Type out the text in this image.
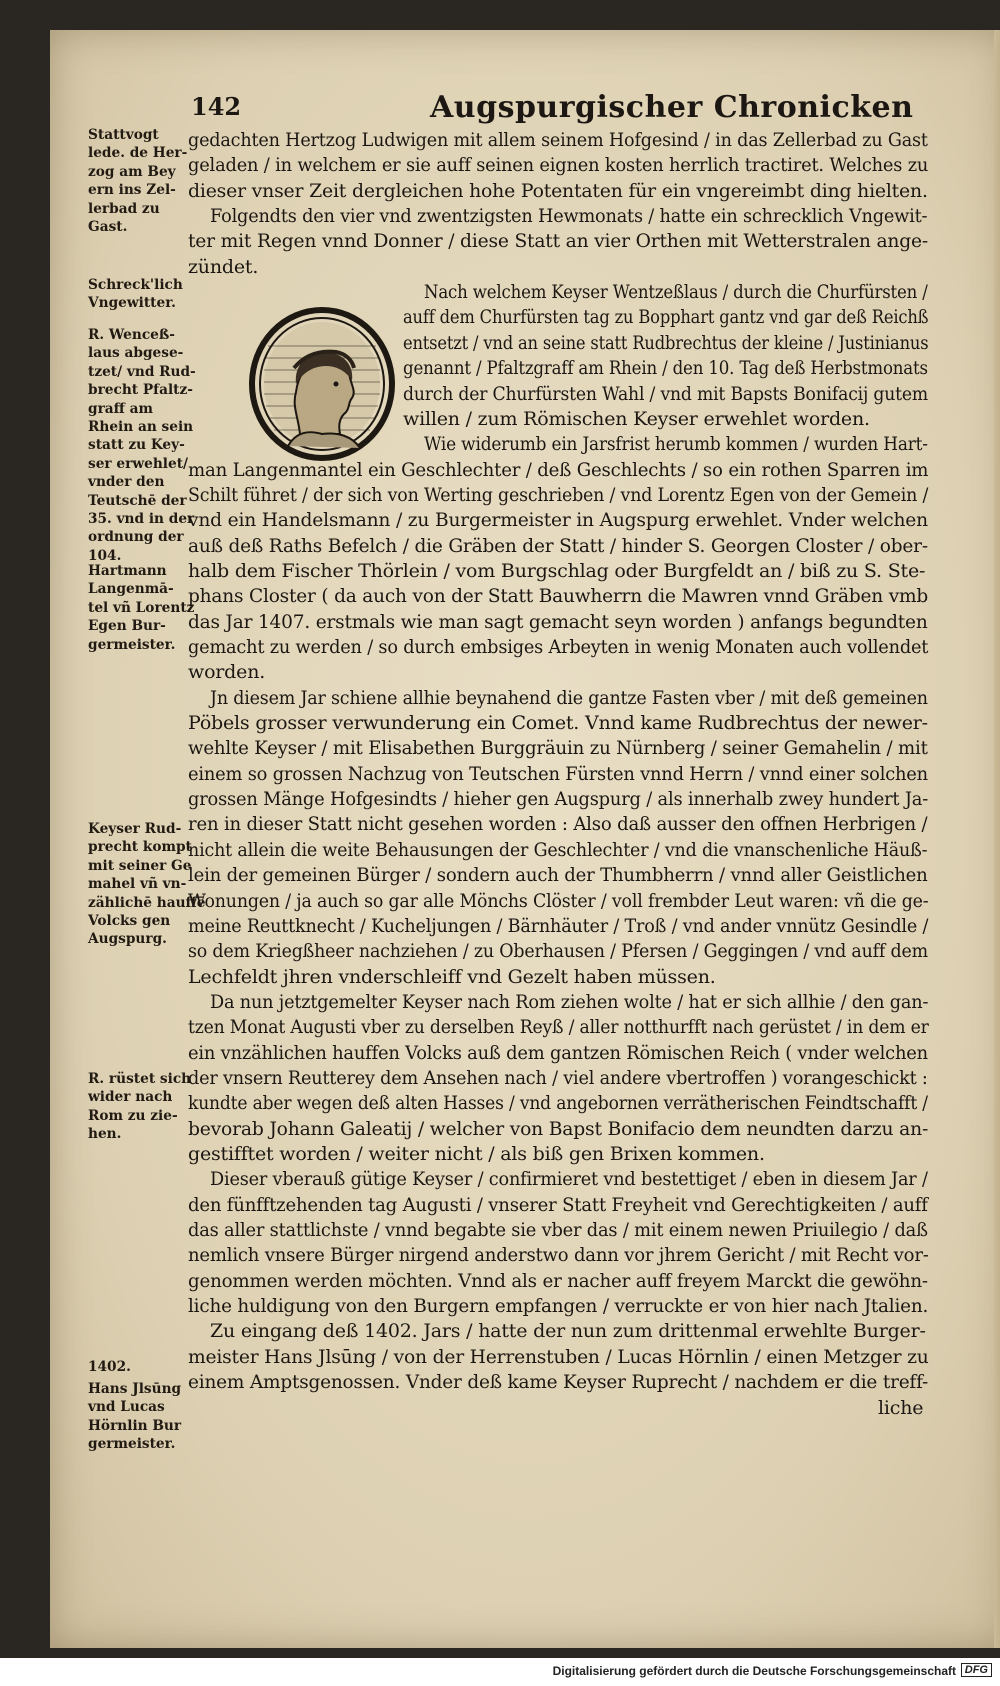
142	Augspurgischer Chronicken
Stattvogt
lede. de Her-
zog am Bey
ern ins Zel-
lerbad zu
Gast.
Schreck'lich
Vngewitter.
R. Wenceß-
laus abgese-
tzet/ vnd Rud-
brecht Pfaltz-
graff am
Rhein an sein
statt zu Key-
ser erwehlet/
vnder den
Teutschē der
35. vnd in der
ordnung der
104.
Hartmann
Langenmā-
tel vñ Lorentz
Egen Bur-
germeister.
Keyser Rud-
precht kompt
mit seiner Ge
mahel vñ vn-
zählichē hauffē
Volcks gen
Augspurg.
R. rüstet sich
wider nach
Rom zu zie-
hen.
1402.
Hans Jlsūng
vnd Lucas
Hörnlin Bur
germeister.
gedachten Hertzog Ludwigen mit allem seinem Hofgesind / in das Zellerbad zu Gast
geladen / in welchem er sie auff seinen eignen kosten herrlich tractiret. Welches zu
dieser vnser Zeit dergleichen hohe Potentaten für ein vngereimbt ding hielten.
Folgendts den vier vnd zwentzigsten Hewmonats / hatte ein schrecklich Vngewit-
ter mit Regen vnnd Donner / diese Statt an vier Orthen mit Wetterstralen ange-
zündet.
Nach welchem Keyser Wentzeßlaus / durch die Churfürsten /
auff dem Churfürsten tag zu Bopphart gantz vnd gar deß Reichß
entsetzt / vnd an seine statt Rudbrechtus der kleine / Justinianus
genannt / Pfaltzgraff am Rhein / den 10. Tag deß Herbstmonats
durch der Churfürsten Wahl / vnd mit Bapsts Bonifacij gutem
willen / zum Römischen Keyser erwehlet worden.
Wie widerumb ein Jarsfrist herumb kommen / wurden Hart-
man Langenmantel ein Geschlechter / deß Geschlechts / so ein rothen Sparren im
Schilt führet / der sich von Werting geschrieben / vnd Lorentz Egen von der Gemein /
vnd ein Handelsmann / zu Burgermeister in Augspurg erwehlet. Vnder welchen
auß deß Raths Befelch / die Gräben der Statt / hinder S. Georgen Closter / ober-
halb dem Fischer Thörlein / vom Burgschlag oder Burgfeldt an / biß zu S. Ste-
phans Closter ( da auch von der Statt Bauwherrn die Mawren vnnd Gräben vmb
das Jar 1407. erstmals wie man sagt gemacht seyn worden ) anfangs begundten
gemacht zu werden / so durch embsiges Arbeyten in wenig Monaten auch vollendet
worden.
Jn diesem Jar schiene allhie beynahend die gantze Fasten vber / mit deß gemeinen
Pöbels grosser verwunderung ein Comet. Vnnd kame Rudbrechtus der newer-
wehlte Keyser / mit Elisabethen Burggräuin zu Nürnberg / seiner Gemahelin / mit
einem so grossen Nachzug von Teutschen Fürsten vnnd Herrn / vnnd einer solchen
grossen Mänge Hofgesindts / hieher gen Augspurg / als innerhalb zwey hundert Ja-
ren in dieser Statt nicht gesehen worden : Also daß ausser den offnen Herbrigen /
nicht allein die weite Behausungen der Geschlechter / vnd die vnanschenliche Häuß-
lein der gemeinen Bürger / sondern auch der Thumbherrn / vnnd aller Geistlichen
Wonungen / ja auch so gar alle Mönchs Clöster / voll frembder Leut waren: vñ die ge-
meine Reuttknecht / Kucheljungen / Bärnhäuter / Troß / vnd ander vnnütz Gesindle /
so dem Kriegßheer nachziehen / zu Oberhausen / Pfersen / Geggingen / vnd auff dem
Lechfeldt jhren vnderschleiff vnd Gezelt haben müssen.
Da nun jetztgemelter Keyser nach Rom ziehen wolte / hat er sich allhie / den gan-
tzen Monat Augusti vber zu derselben Reyß / aller notthurfft nach gerüstet / in dem er
ein vnzählichen hauffen Volcks auß dem gantzen Römischen Reich ( vnder welchen
der vnsern Reutterey dem Ansehen nach / viel andere vbertroffen ) vorangeschickt :
kundte aber wegen deß alten Hasses / vnd angebornen verrätherischen Feindtschafft /
bevorab Johann Galeatij / welcher von Bapst Bonifacio dem neundten darzu an-
gestifftet worden / weiter nicht / als biß gen Brixen kommen.
Dieser vberauß gütige Keyser / confirmieret vnd bestettiget / eben in diesem Jar /
den fünfftzehenden tag Augusti / vnserer Statt Freyheit vnd Gerechtigkeiten / auff
das aller stattlichste / vnnd begabte sie vber das / mit einem newen Priuilegio / daß
nemlich vnsere Bürger nirgend anderstwo dann vor jhrem Gericht / mit Recht vor-
genommen werden möchten. Vnnd als er nacher auff freyem Marckt die gewöhn-
liche huldigung von den Burgern empfangen / verruckte er von hier nach Jtalien.
Zu eingang deß 1402. Jars / hatte der nun zum drittenmal erwehlte Burger-
meister Hans Jlsūng / von der Herrenstuben / Lucas Hörnlin / einen Metzger zu
einem Amptsgenossen. Vnder deß kame Keyser Ruprecht / nachdem er die treff-
liche
Digitalisierung gefördert durch die Deutsche Forschungsgemeinschaft DFG
